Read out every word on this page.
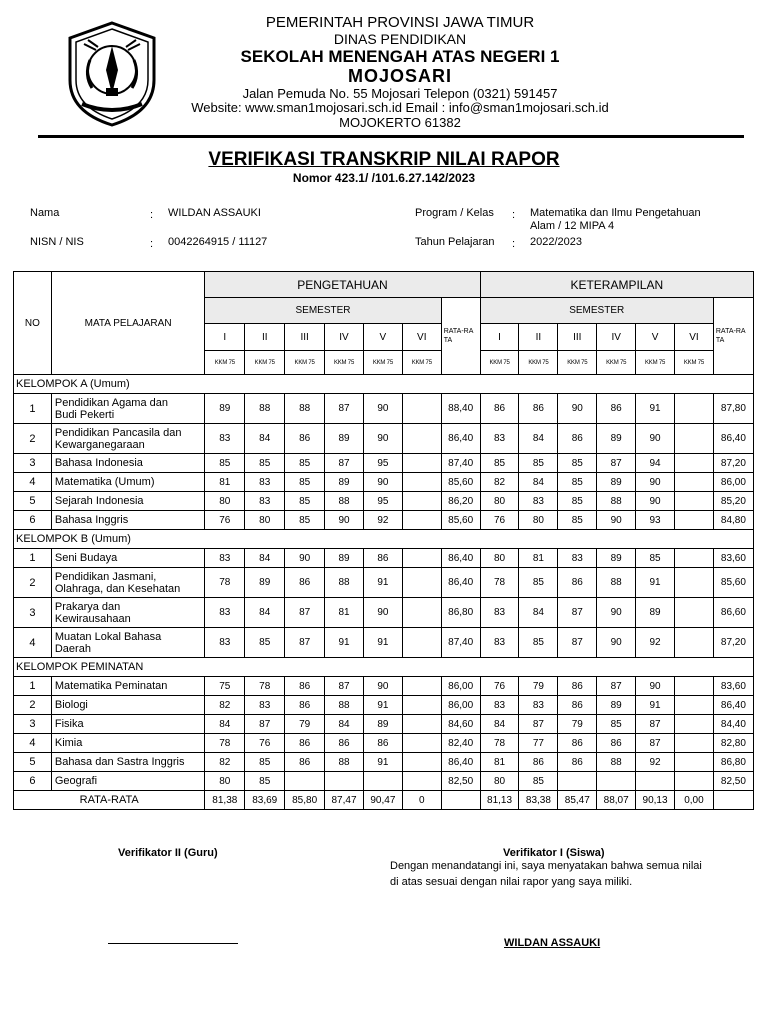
PEMERINTAH PROVINSI JAWA TIMUR
DINAS PENDIDIKAN
SEKOLAH MENENGAH ATAS NEGERI 1
MOJOSARI
Jalan Pemuda No. 55 Mojosari Telepon (0321) 591457
Website: www.sman1mojosari.sch.id Email : info@sman1mojosari.sch.id
MOJOKERTO 61382
VERIFIKASI TRANSKRIP NILAI RAPOR
Nomor 423.1/ /101.6.27.142/2023
Nama	: WILDAN ASSAUKI
NISN / NIS	: 0042264915 / 11127
Program / Kelas : Matematika dan Ilmu Pengetahuan
Alam / 12 MIPA 4
Tahun Pelajaran : 2022/2023
NO	MATA PELAJARAN	PENGETAHUAN							KETERAMPILAN						
		SEMESTER						RATA-RA TA	SEMESTER						RATA-RA TA
		I	II	III	IV	V	VI		I	II	III	IV	V	VI	
		KKM 75	KKM 75	KKM 75	KKM 75	KKM 75	KKM 75		KKM 75	KKM 75	KKM 75	KKM 75	KKM 75	KKM 75	
KELOMPOK A (Umum)															
1	Pendidikan Agama dan
Budi Pekerti	89	88	88	87	90		88,40	86	86	90	86	91		87,80
2	Pendidikan Pancasila dan
Kewarganegaraan	83	84	86	89	90		86,40	83	84	86	89	90		86,40
3	Bahasa Indonesia	85	85	85	87	95		87,40	85	85	85	87	94		87,20
4	Matematika (Umum)	81	83	85	89	90		85,60	82	84	85	89	90		86,00
5	Sejarah Indonesia	80	83	85	88	95		86,20	80	83	85	88	90		85,20
6	Bahasa Inggris	76	80	85	90	92		85,60	76	80	85	90	93		84,80
KELOMPOK B (Umum)															
1	Seni Budaya	83	84	90	89	86		86,40	80	81	83	89	85		83,60
2	Pendidikan Jasmani,
Olahraga, dan Kesehatan	78	89	86	88	91		86,40	78	85	86	88	91		85,60
3	Prakarya dan
Kewirausahaan	83	84	87	81	90		86,80	83	84	87	90	89		86,60
4	Muatan Lokal Bahasa
Daerah	83	85	87	91	91		87,40	83	85	87	90	92		87,20
KELOMPOK PEMINATAN															
1	Matematika Peminatan	75	78	86	87	90		86,00	76	79	86	87	90		83,60
2	Biologi	82	83	86	88	91		86,00	83	83	86	89	91		86,40
3	Fisika	84	87	79	84	89		84,60	84	87	79	85	87		84,40
4	Kimia	78	76	86	86	86		82,40	78	77	86	86	87		82,80
5	Bahasa dan Sastra Inggris	82	85	86	88	91		86,40	81	86	86	88	92		86,80
6	Geografi	80	85					82,50	80	85					82,50
RATA-RATA		81,38	83,69	85,80	87,47	90,47	0		81,13	83,38	85,47	88,07	90,13	0,00	
Verifikator II (Guru)	Verifikator I (Siswa)
Dengan menandatangi ini, saya menyatakan bahwa semua nilai
di atas sesuai dengan nilai rapor yang saya miliki.
WILDAN ASSAUKI
